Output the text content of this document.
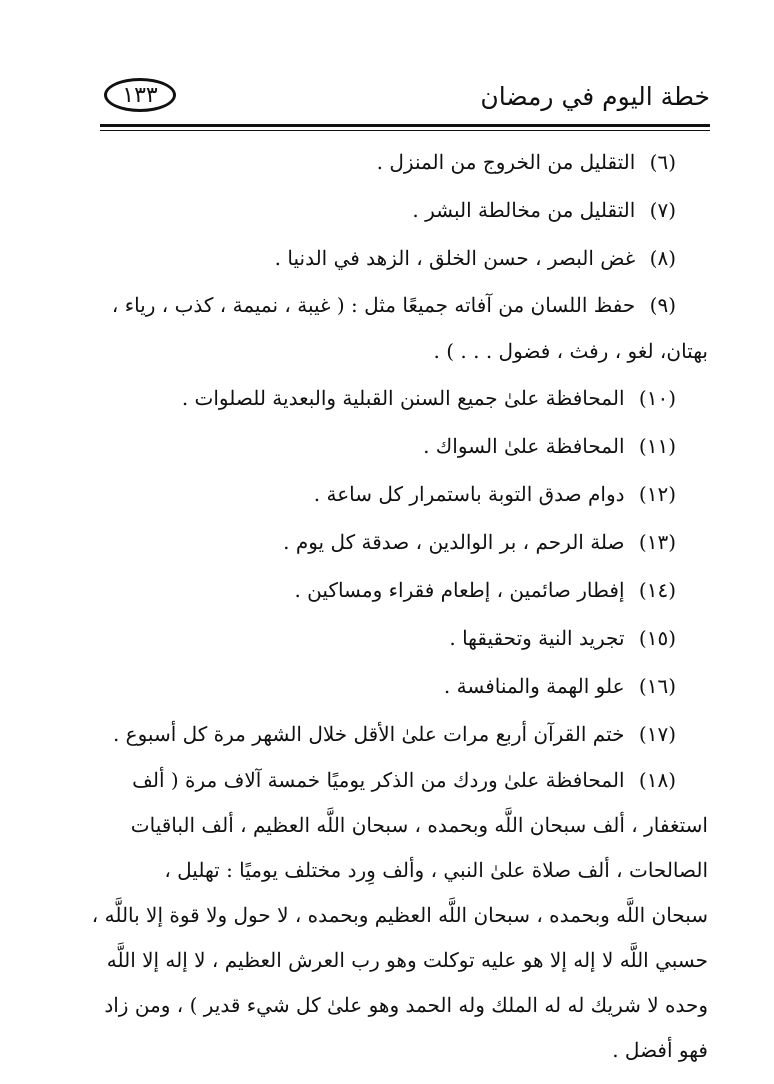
خطة اليوم في رمضان
١٣٣
(٦) التقليل من الخروج من المنزل .
(٧) التقليل من مخالطة البشر .
(٨) غض البصر ، حسن الخلق ، الزهد في الدنيا .
(٩) حفظ اللسان من آفاته جميعًا مثل : ( غيبة ، نميمة ، كذب ، رياء ،
بهتان، لغو ، رفث ، فضول . . . ) .
(١٠) المحافظة علىٰ جميع السنن القبلية والبعدية للصلوات .
(١١) المحافظة علىٰ السواك .
(١٢) دوام صدق التوبة باستمرار كل ساعة .
(١٣) صلة الرحم ، بر الوالدين ، صدقة كل يوم .
(١٤) إفطار صائمين ، إطعام فقراء ومساكين .
(١٥) تجريد النية وتحقيقها .
(١٦) علو الهمة والمنافسة .
(١٧) ختم القرآن أربع مرات علىٰ الأقل خلال الشهر مرة كل أسبوع .
(١٨) المحافظة علىٰ وردك من الذكر يوميًا خمسة آلاف مرة ( ألف
استغفار ، ألف سبحان اللَّه وبحمده ، سبحان اللَّه العظيم ، ألف الباقيات
الصالحات ، ألف صلاة علىٰ النبي ، وألف وِرد مختلف يوميًا : تهليل ،
سبحان اللَّه وبحمده ، سبحان اللَّه العظيم وبحمده ، لا حول ولا قوة إلا باللَّه ،
حسبي اللَّه لا إله إلا هو عليه توكلت وهو رب العرش العظيم ، لا إله إلا اللَّه
وحده لا شريك له له الملك وله الحمد وهو علىٰ كل شيء قدير ) ، ومن زاد
فهو أفضل .
